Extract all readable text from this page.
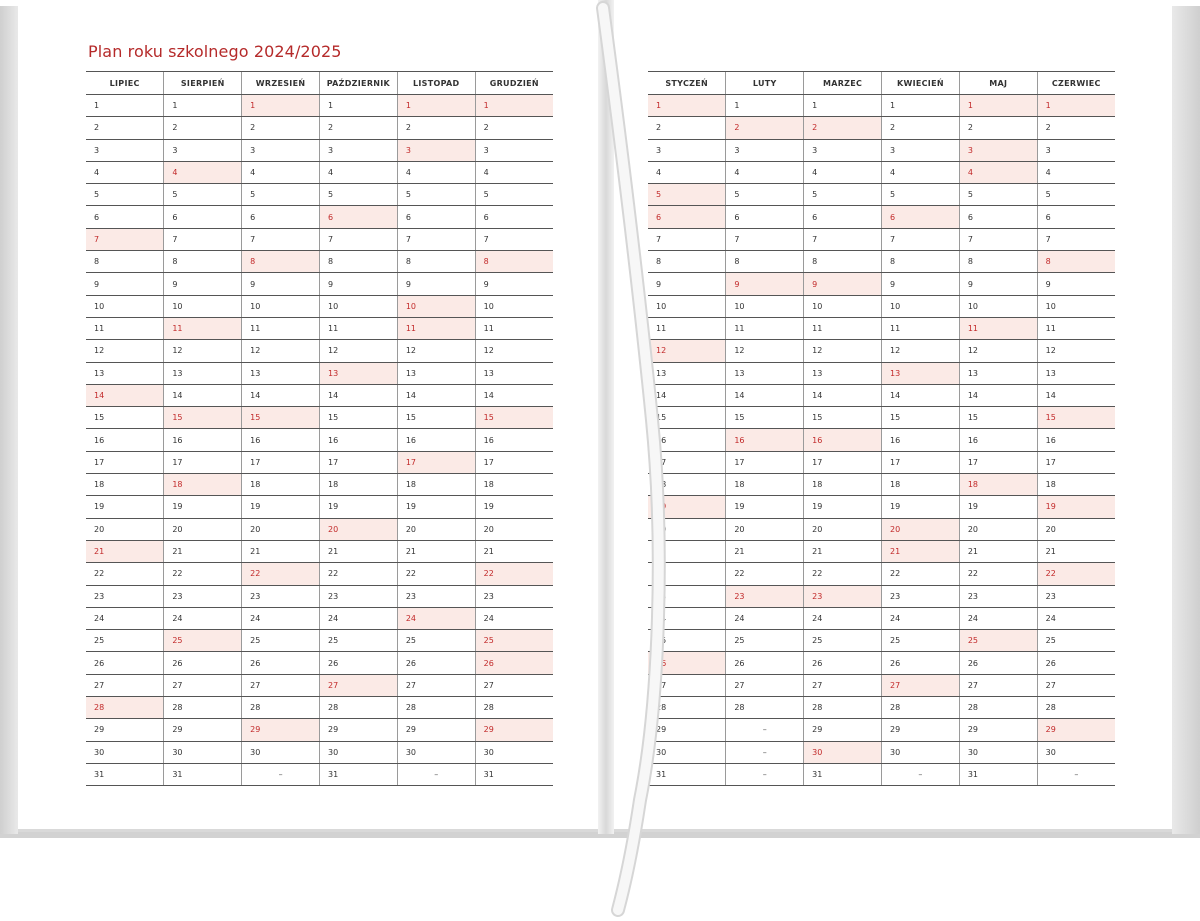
Plan roku szkolnego 2024/2025
LIPIEC	SIERPIEŃ	WRZESIEŃ	PAŹDZIERNIK	LISTOPAD	GRUDZIEŃ
1	1	1	1	1	1
2	2	2	2	2	2
3	3	3	3	3	3
4	4	4	4	4	4
5	5	5	5	5	5
6	6	6	6	6	6
7	7	7	7	7	7
8	8	8	8	8	8
9	9	9	9	9	9
10	10	10	10	10	10
11	11	11	11	11	11
12	12	12	12	12	12
13	13	13	13	13	13
14	14	14	14	14	14
15	15	15	15	15	15
16	16	16	16	16	16
17	17	17	17	17	17
18	18	18	18	18	18
19	19	19	19	19	19
20	20	20	20	20	20
21	21	21	21	21	21
22	22	22	22	22	22
23	23	23	23	23	23
24	24	24	24	24	24
25	25	25	25	25	25
26	26	26	26	26	26
27	27	27	27	27	27
28	28	28	28	28	28
29	29	29	29	29	29
30	30	30	30	30	30
31	31	–	31	–	31
STYCZEŃ	LUTY	MARZEC	KWIECIEŃ	MAJ	CZERWIEC
1	1	1	1	1	1
2	2	2	2	2	2
3	3	3	3	3	3
4	4	4	4	4	4
5	5	5	5	5	5
6	6	6	6	6	6
7	7	7	7	7	7
8	8	8	8	8	8
9	9	9	9	9	9
10	10	10	10	10	10
11	11	11	11	11	11
12	12	12	12	12	12
13	13	13	13	13	13
14	14	14	14	14	14
15	15	15	15	15	15
16	16	16	16	16	16
17	17	17	17	17	17
18	18	18	18	18	18
19	19	19	19	19	19
20	20	20	20	20	20
21	21	21	21	21	21
22	22	22	22	22	22
23	23	23	23	23	23
24	24	24	24	24	24
25	25	25	25	25	25
26	26	26	26	26	26
27	27	27	27	27	27
28	28	28	28	28	28
29	–	29	29	29	29
30	–	30	30	30	30
31	–	31	–	31	–
